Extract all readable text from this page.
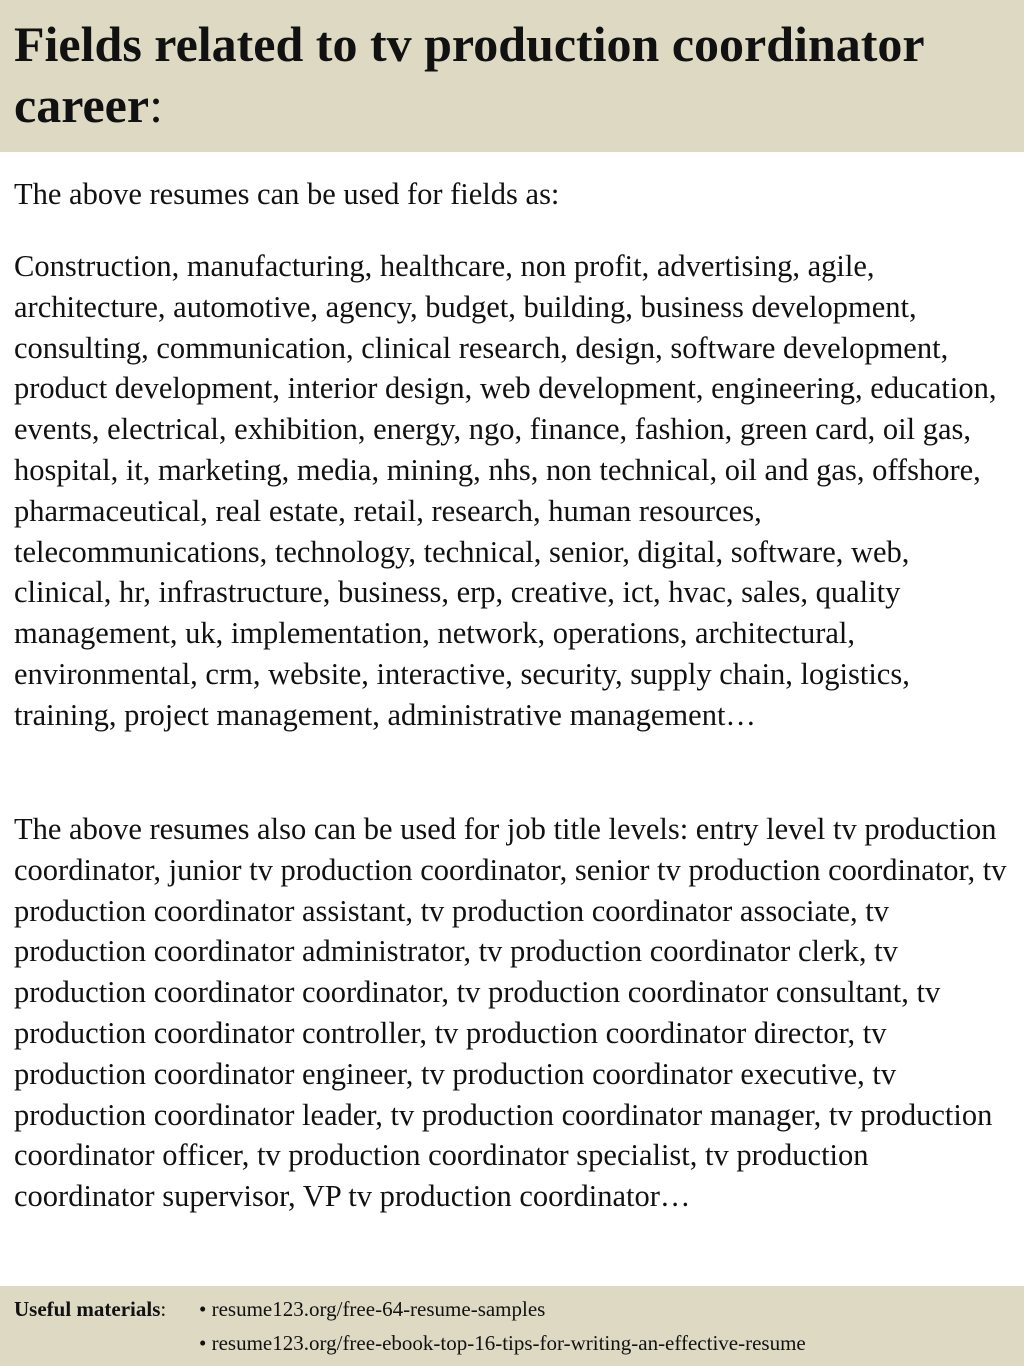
Fields related to tv production coordinator career:

The above resumes can be used for fields as:

Construction, manufacturing, healthcare, non profit, advertising, agile, architecture, automotive, agency, budget, building, business development, consulting, communication, clinical research, design, software development, product development, interior design, web development, engineering, education, events, electrical, exhibition, energy, ngo, finance, fashion, green card, oil gas, hospital, it, marketing, media, mining, nhs, non technical, oil and gas, offshore, pharmaceutical, real estate, retail, research, human resources, telecommunications, technology, technical, senior, digital, software, web, clinical, hr, infrastructure, business, erp, creative, ict, hvac, sales, quality management, uk, implementation, network, operations, architectural, environmental, crm, website, interactive, security, supply chain, logistics, training, project management, administrative management…

The above resumes also can be used for job title levels: entry level tv production coordinator, junior tv production coordinator, senior tv production coordinator, tv production coordinator assistant, tv production coordinator associate, tv production coordinator administrator, tv production coordinator clerk, tv production coordinator coordinator, tv production coordinator consultant, tv production coordinator controller, tv production coordinator director, tv production coordinator engineer, tv production coordinator executive, tv production coordinator leader, tv production coordinator manager, tv production coordinator officer, tv production coordinator specialist, tv production coordinator supervisor, VP tv production coordinator…

Useful materials: • resume123.org/free-64-resume-samples
• resume123.org/free-ebook-top-16-tips-for-writing-an-effective-resume
